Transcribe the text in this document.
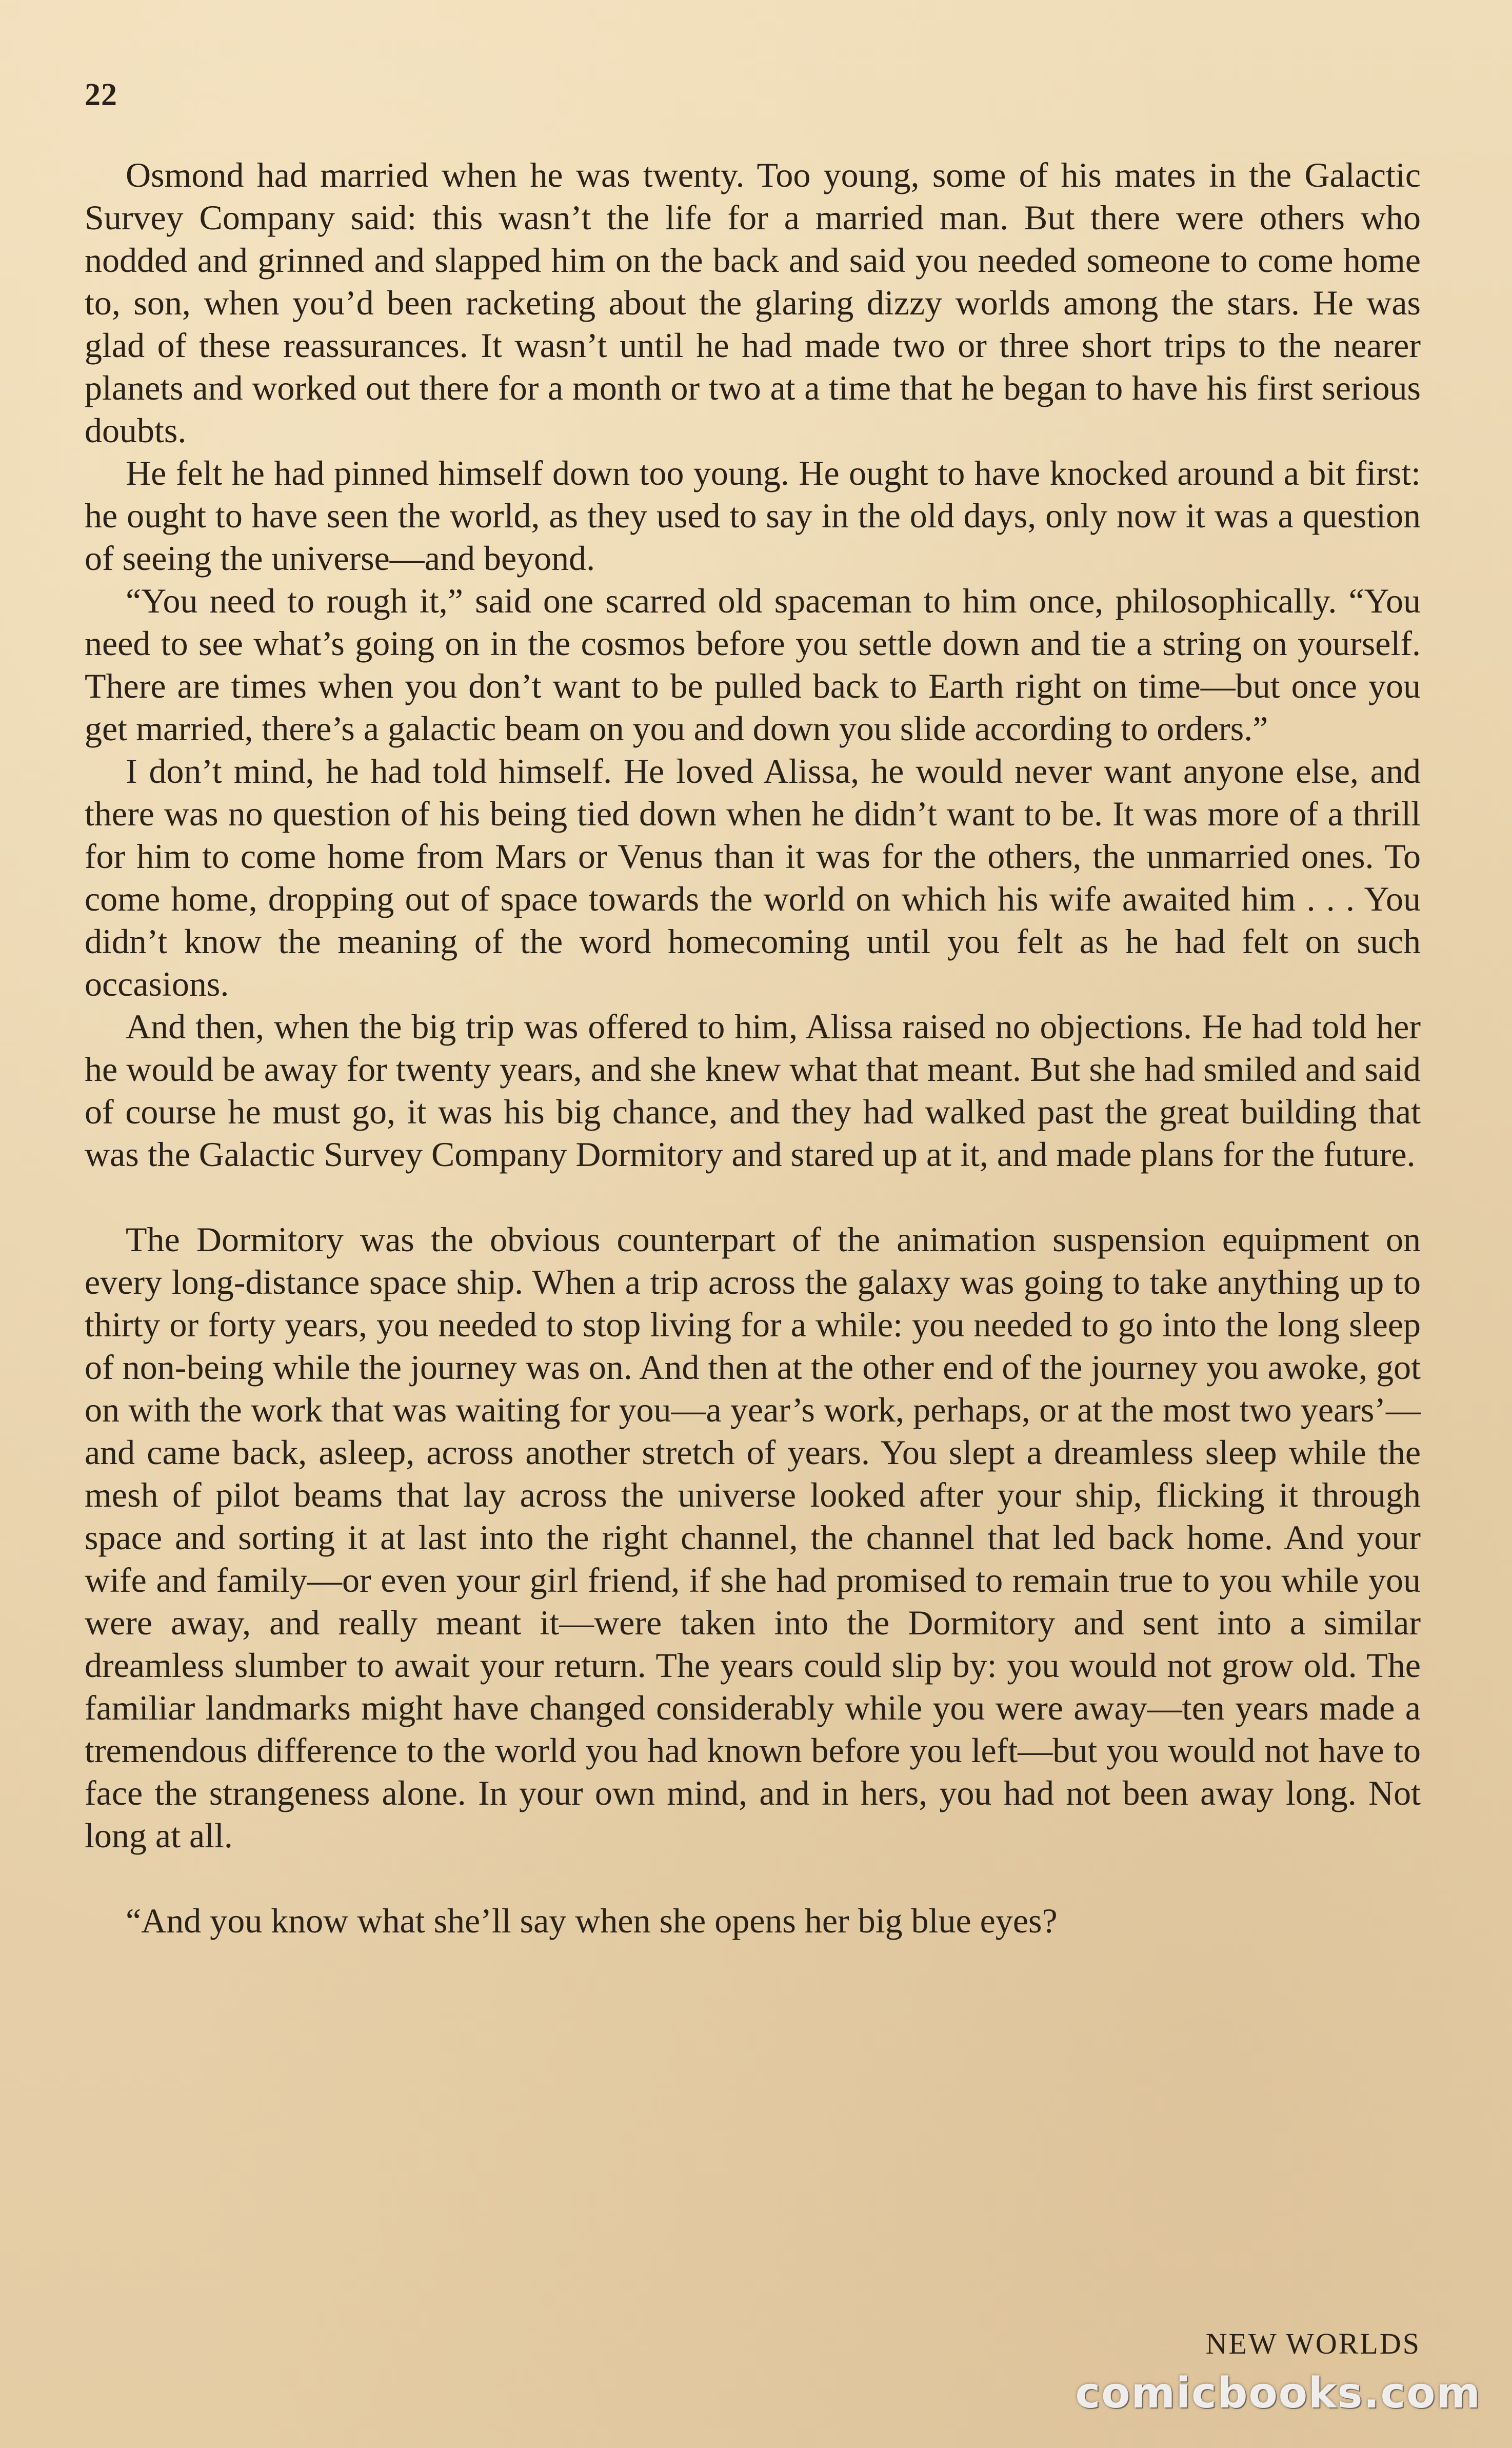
22

Osmond had married when he was twenty. Too young, some of his mates in the Galactic Survey Company said: this wasn’t the life for a married man. But there were others who nodded and grinned and slapped him on the back and said you needed someone to come home to, son, when you’d been racketing about the glaring dizzy worlds among the stars. He was glad of these reassurances. It wasn’t until he had made two or three short trips to the nearer planets and worked out there for a month or two at a time that he began to have his first serious doubts.

He felt he had pinned himself down too young. He ought to have knocked around a bit first: he ought to have seen the world, as they used to say in the old days, only now it was a question of seeing the universe—and beyond.

“You need to rough it,” said one scarred old spaceman to him once, philosophically. “You need to see what’s going on in the cosmos before you settle down and tie a string on yourself. There are times when you don’t want to be pulled back to Earth right on time—but once you get married, there’s a galactic beam on you and down you slide according to orders.”

I don’t mind, he had told himself. He loved Alissa, he would never want anyone else, and there was no question of his being tied down when he didn’t want to be. It was more of a thrill for him to come home from Mars or Venus than it was for the others, the unmarried ones. To come home, dropping out of space towards the world on which his wife awaited him . . . You didn’t know the meaning of the word homecoming until you felt as he had felt on such occasions.

And then, when the big trip was offered to him, Alissa raised no objections. He had told her he would be away for twenty years, and she knew what that meant. But she had smiled and said of course he must go, it was his big chance, and they had walked past the great building that was the Galactic Survey Company Dormitory and stared up at it, and made plans for the future.

The Dormitory was the obvious counterpart of the animation suspension equipment on every long-distance space ship. When a trip across the galaxy was going to take anything up to thirty or forty years, you needed to stop living for a while: you needed to go into the long sleep of non-being while the journey was on. And then at the other end of the journey you awoke, got on with the work that was waiting for you—a year’s work, perhaps, or at the most two years’—and came back, asleep, across another stretch of years. You slept a dreamless sleep while the mesh of pilot beams that lay across the universe looked after your ship, flicking it through space and sorting it at last into the right channel, the channel that led back home. And your wife and family—or even your girl friend, if she had promised to remain true to you while you were away, and really meant it—were taken into the Dormitory and sent into a similar dreamless slumber to await your return. The years could slip by: you would not grow old. The familiar landmarks might have changed considerably while you were away—ten years made a tremendous difference to the world you had known before you left—but you would not have to face the strangeness alone. In your own mind, and in hers, you had not been away long. Not long at all.

“And you know what she’ll say when she opens her big blue eyes?

NEW WORLDS
comicbooks.com
